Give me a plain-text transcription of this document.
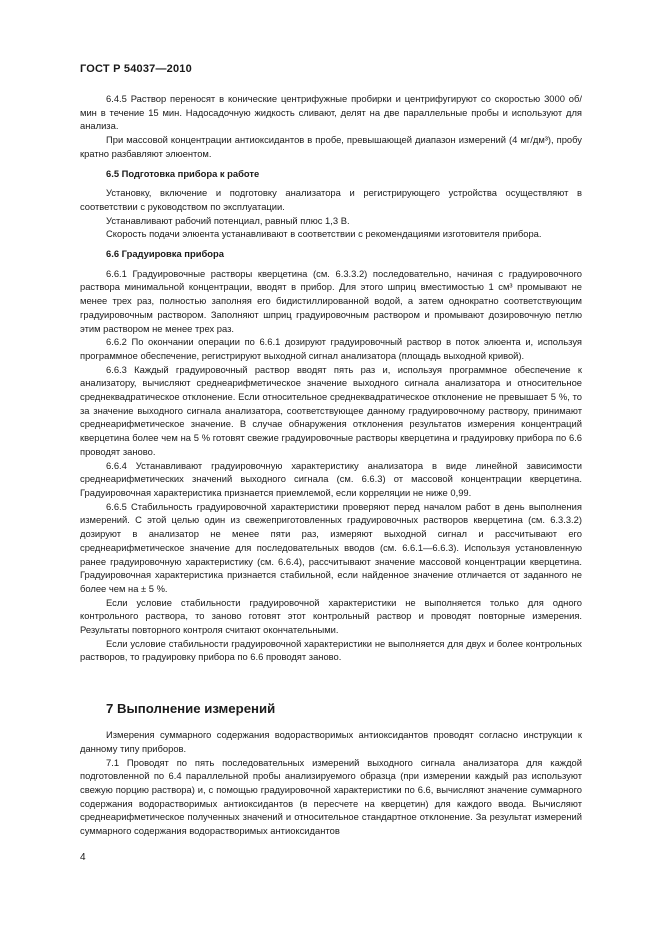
ГОСТ Р 54037—2010

6.4.5 Раствор переносят в конические центрифужные пробирки и центрифугируют со скоростью 3000 об/мин в течение 15 мин. Надосадочную жидкость сливают, делят на две параллельные пробы и используют для анализа.

При массовой концентрации антиоксидантов в пробе, превышающей диапазон измерений (4 мг/дм³), пробу кратно разбавляют элюентом.

6.5 Подготовка прибора к работе

Установку, включение и подготовку анализатора и регистрирующего устройства осуществляют в соответствии с руководством по эксплуатации.

Устанавливают рабочий потенциал, равный плюс 1,3 В.

Скорость подачи элюента устанавливают в соответствии с рекомендациями изготовителя прибора.

6.6 Градуировка прибора

6.6.1 Градуировочные растворы кверцетина (см. 6.3.3.2) последовательно, начиная с градуировочного раствора минимальной концентрации, вводят в прибор. Для этого шприц вместимостью 1 см³ промывают не менее трех раз, полностью заполняя его бидистиллированной водой, а затем однократно соответствующим градуировочным раствором. Заполняют шприц градуировочным раствором и промывают дозировочную петлю этим раствором не менее трех раз.

6.6.2 По окончании операции по 6.6.1 дозируют градуировочный раствор в поток элюента и, используя программное обеспечение, регистрируют выходной сигнал анализатора (площадь выходной кривой).

6.6.3 Каждый градуировочный раствор вводят пять раз и, используя программное обеспечение к анализатору, вычисляют среднеарифметическое значение выходного сигнала анализатора и относительное среднеквадратическое отклонение. Если относительное среднеквадратическое отклонение не превышает 5 %, то за значение выходного сигнала анализатора, соответствующее данному градуировочному раствору, принимают среднеарифметическое значение. В случае обнаружения отклонения результатов измерения концентраций кверцетина более чем на 5 % готовят свежие градуировочные растворы кверцетина и градуировку прибора по 6.6 проводят заново.

6.6.4 Устанавливают градуировочную характеристику анализатора в виде линейной зависимости среднеарифметических значений выходного сигнала (см. 6.6.3) от массовой концентрации кверцетина. Градуировочная характеристика признается приемлемой, если корреляции не ниже 0,99.

6.6.5 Стабильность градуировочной характеристики проверяют перед началом работ в день выполнения измерений. С этой целью один из свежеприготовленных градуировочных растворов кверцетина (см. 6.3.3.2) дозируют в анализатор не менее пяти раз, измеряют выходной сигнал и рассчитывают его среднеарифметическое значение для последовательных вводов (см. 6.6.1—6.6.3). Используя установленную ранее градуировочную характеристику (см. 6.6.4), рассчитывают значение массовой концентрации кверцетина. Градуировочная характеристика признается стабильной, если найденное значение отличается от заданного не более чем на ± 5 %.

Если условие стабильности градуировочной характеристики не выполняется только для одного контрольного раствора, то заново готовят этот контрольный раствор и проводят повторные измерения. Результаты повторного контроля считают окончательными.

Если условие стабильности градуировочной характеристики не выполняется для двух и более контрольных растворов, то градуировку прибора по 6.6 проводят заново.

7 Выполнение измерений

Измерения суммарного содержания водорастворимых антиоксидантов проводят согласно инструкции к данному типу приборов.

7.1 Проводят по пять последовательных измерений выходного сигнала анализатора для каждой подготовленной по 6.4 параллельной пробы анализируемого образца (при измерении каждый раз используют свежую порцию раствора) и, с помощью градуировочной характеристики по 6.6, вычисляют значение суммарного содержания водорастворимых антиоксидантов (в пересчете на кверцетин) для каждого ввода. Вычисляют среднеарифметическое полученных значений и относительное стандартное отклонение. За результат измерений суммарного содержания водорастворимых антиоксидантов

4
